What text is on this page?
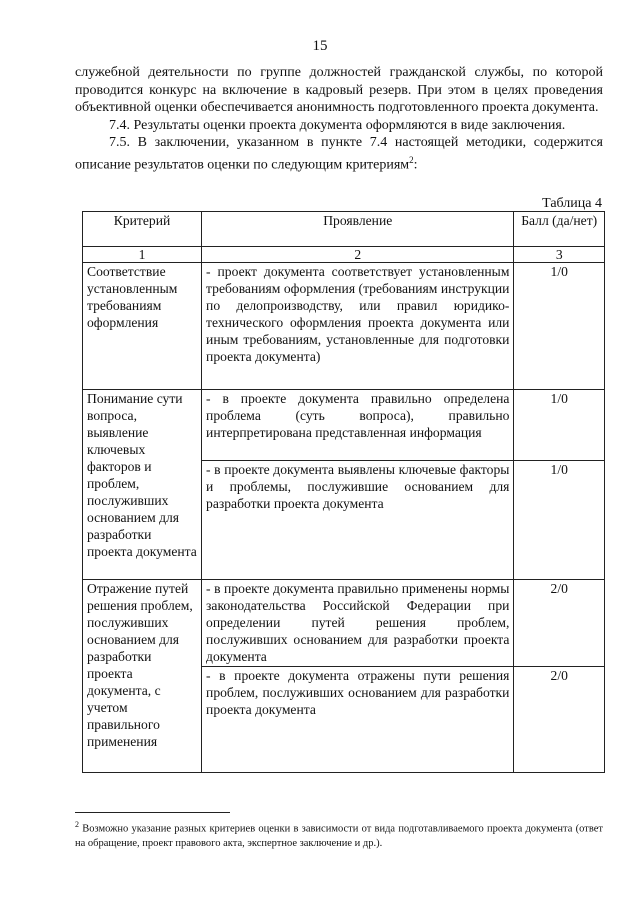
15

служебной деятельности по группе должностей гражданской службы, по которой проводится конкурс на включение в кадровый резерв. При этом в целях проведения объективной оценки обеспечивается анонимность подготовленного проекта документа.

7.4. Результаты оценки проекта документа оформляются в виде заключения.

7.5. В заключении, указанном в пункте 7.4 настоящей методики, содержится описание результатов оценки по следующим критериям$^2$:

Таблица 4
Критерий	Проявление	Балл (да/нет)
1	2	3
Соответствие установленным требованиям оформления	- проект документа соответствует установленным требованиям оформления (требованиям инструкции по делопроизводству, или правил юридико-технического оформления проекта документа или иным требованиям, установленные для подготовки проекта документа)	1/0
Понимание сути вопроса, выявление ключевых факторов и проблем, послуживших основанием для разработки проекта документа	- в проекте документа правильно определена проблема (суть вопроса), правильно интерпретирована представленная информация	1/0
	- в проекте документа выявлены ключевые факторы и проблемы, послужившие основанием для разработки проекта документа	1/0
Отражение путей решения проблем, послуживших основанием для разработки проекта документа, с учетом правильного применения	- в проекте документа правильно применены нормы законодательства Российской Федерации при определении путей решения проблем, послуживших основанием для разработки проекта документа	2/0
	- в проекте документа отражены пути решения проблем, послуживших основанием для разработки проекта документа	2/0
$^2$ Возможно указание разных критериев оценки в зависимости от вида подготавливаемого проекта документа (ответ на обращение, проект правового акта, экспертное заключение и др.).
